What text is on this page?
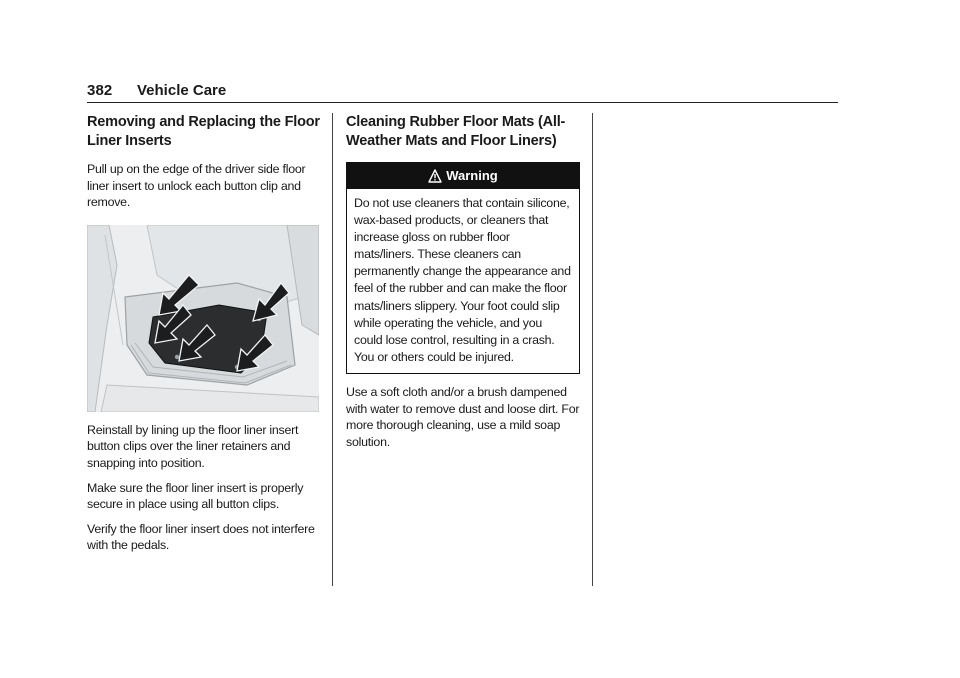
382 Vehicle Care
Removing and Replacing the Floor Liner Inserts

Pull up on the edge of the driver side floor liner insert to unlock each button clip and remove.

Reinstall by lining up the floor liner insert button clips over the liner retainers and snapping into position.

Make sure the floor liner insert is properly secure in place using all button clips.

Verify the floor liner insert does not interfere with the pedals.

Cleaning Rubber Floor Mats (All-Weather Mats and Floor Liners)
Warning

Do not use cleaners that contain silicone, wax-based products, or cleaners that increase gloss on rubber floor mats/liners. These cleaners can permanently change the appearance and feel of the rubber and can make the floor mats/liners slippery. Your foot could slip while operating the vehicle, and you could lose control, resulting in a crash. You or others could be injured.

Use a soft cloth and/or a brush dampened with water to remove dust and loose dirt. For more thorough cleaning, use a mild soap solution.
